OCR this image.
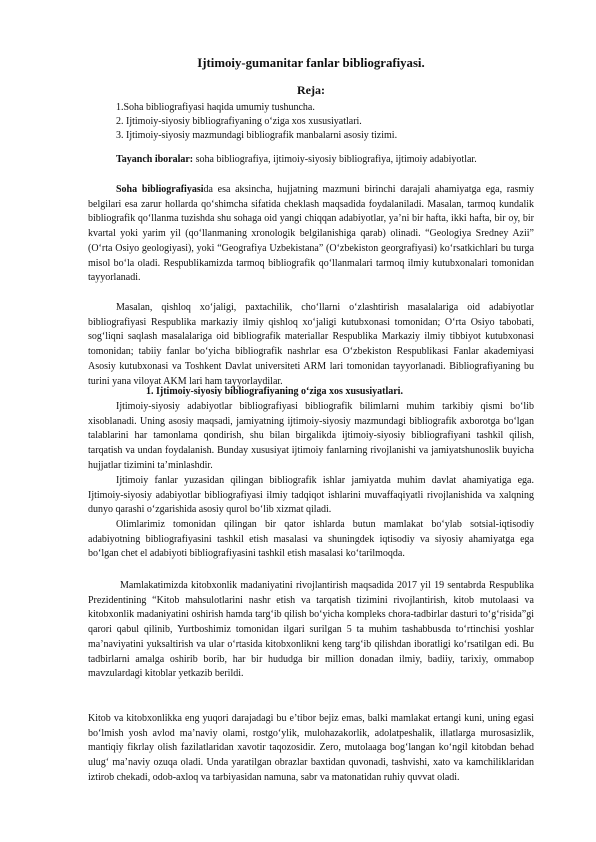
Ijtimoiy-gumanitar fanlar bibliografiyasi.
Reja:
1.Soha bibliografiyasi haqida umumiy tushuncha.
2. Ijtimoiy-siyosiy bibliografiyaning o‘ziga xos xususiyatlari.
3. Ijtimoiy-siyosiy mazmundagi bibliografik manbalarni asosiy tizimi.

Tayanch iboralar: soha bibliografiya, ijtimoiy-siyosiy bibliografiya, ijtimoiy adabiyotlar.

Soha bibliografiyasida esa aksincha, hujjatning mazmuni birinchi darajali ahamiyatga ega, rasmiy belgilari esa zarur hollarda qo‘shimcha sifatida cheklash maqsadida foydalaniladi. Masalan, tarmoq kundalik bibliografik qo‘llanma tuzishda shu sohaga oid yangi chiqqan adabiyotlar, ya’ni bir hafta, ikki hafta, bir oy, bir kvartal yoki yarim yil (qo‘llanmaning xronologik belgilanishiga qarab) olinadi. “Geologiya Sredney Azii” (O‘rta Osiyo geologiyasi), yoki “Geografiya Uzbekistana” (O‘zbekiston georgrafiyasi) ko‘rsatkichlari bu turga misol bo‘la oladi. Respublikamizda tarmoq bibliografik qo‘llanmalari tarmoq ilmiy kutubxonalari tomonidan tayyorlanadi.

Masalan, qishloq xo‘jaligi, paxtachilik, cho‘llarni o‘zlashtirish masalalariga oid adabiyotlar bibliografiyasi Respublika markaziy ilmiy qishloq xo‘jaligi kutubxonasi tomonidan; O‘rta Osiyo tabobati, sog‘liqni saqlash masalalariga oid bibliografik materiallar Respublika Markaziy ilmiy tibbiyot kutubxonasi tomonidan; tabiiy fanlar bo‘yicha bibliografik nashrlar esa O‘zbekiston Respublikasi Fanlar akademiyasi Asosiy kutubxonasi va Toshkent Davlat universiteti ARM lari tomonidan tayyorlanadi. Bibliografiyaning bu turini yana viloyat AKM lari ham tayyorlaydilar.

1. Ijtimoiy-siyosiy bibliografiyaning o‘ziga xos xususiyatlari.

Ijtimoiy-siyosiy adabiyotlar bibliografiyasi bibliografik bilimlarni muhim tarkibiy qismi bo‘lib xisoblanadi. Uning asosiy maqsadi, jamiyatning ijtimoiy-siyosiy mazmundagi bibliografik axborotga bo‘lgan talablarini har tamonlama qondirish, shu bilan birgalikda ijtimoiy-siyosiy bibliografiyani tashkil qilish, tarqatish va undan foydalanish. Bunday xususiyat ijtimoiy fanlarning rivojlanishi va jamiyatshunoslik buyicha hujjatlar tizimini ta’minlashdir.

Ijtimoiy fanlar yuzasidan qilingan bibliografik ishlar jamiyatda muhim davlat ahamiyatiga ega. Ijtimoiy-siyosiy adabiyotlar bibliografiyasi ilmiy tadqiqot ishlarini muvaffaqiyatli rivojlanishida va xalqning dunyo qarashi o‘zgarishida asosiy qurol bo‘lib xizmat qiladi.

Olimlarimiz tomonidan qilingan bir qator ishlarda butun mamlakat bo‘ylab sotsial-iqtisodiy adabiyotning bibliografiyasini tashkil etish masalasi va shuningdek iqtisodiy va siyosiy ahamiyatga ega bo‘lgan chet el adabiyoti bibliografiyasini tashkil etish masalasi ko‘tarilmoqda.

Mamlakatimizda kitobxonlik madaniyatini rivojlantirish maqsadida 2017 yil 19 sentabrda Respublika Prezidentining “Kitob mahsulotlarini nashr etish va tarqatish tizimini rivojlantirish, kitob mutolaasi va kitobxonlik madaniyatini oshirish hamda targ‘ib qilish bo‘yicha kompleks chora-tadbirlar dasturi to‘g‘risida”gi qarori qabul qilinib, Yurtboshimiz tomonidan ilgari surilgan 5 ta muhim tashabbusda to‘rtinchisi yoshlar ma’naviyatini yuksaltirish va ular o‘rtasida kitobxonlikni keng targ‘ib qilishdan iboratligi ko‘rsatilgan edi. Bu tadbirlarni amalga oshirib borib, har bir hududga bir million donadan ilmiy, badiiy, tarixiy, ommabop mavzulardagi kitoblar yetkazib berildi.

Kitob va kitobxonlikka eng yuqori darajadagi bu e’tibor bejiz emas, balki mamlakat ertangi kuni, uning egasi bo‘lmish yosh avlod ma’naviy olami, rostgo‘ylik, mulohazakorlik, adolatpeshalik, illatlarga murosasizlik, mantiqiy fikrlay olish fazilatlaridan xavotir taqozosidir. Zero, mutolaaga bog‘langan ko‘ngil kitobdan behad ulug‘ ma’naviy ozuqa oladi. Unda yaratilgan obrazlar baxtidan quvonadi, tashvishi, xato va kamchiliklaridan iztirob chekadi, odob-axloq va tarbiyasidan namuna, sabr va matonatidan ruhiy quvvat oladi.
